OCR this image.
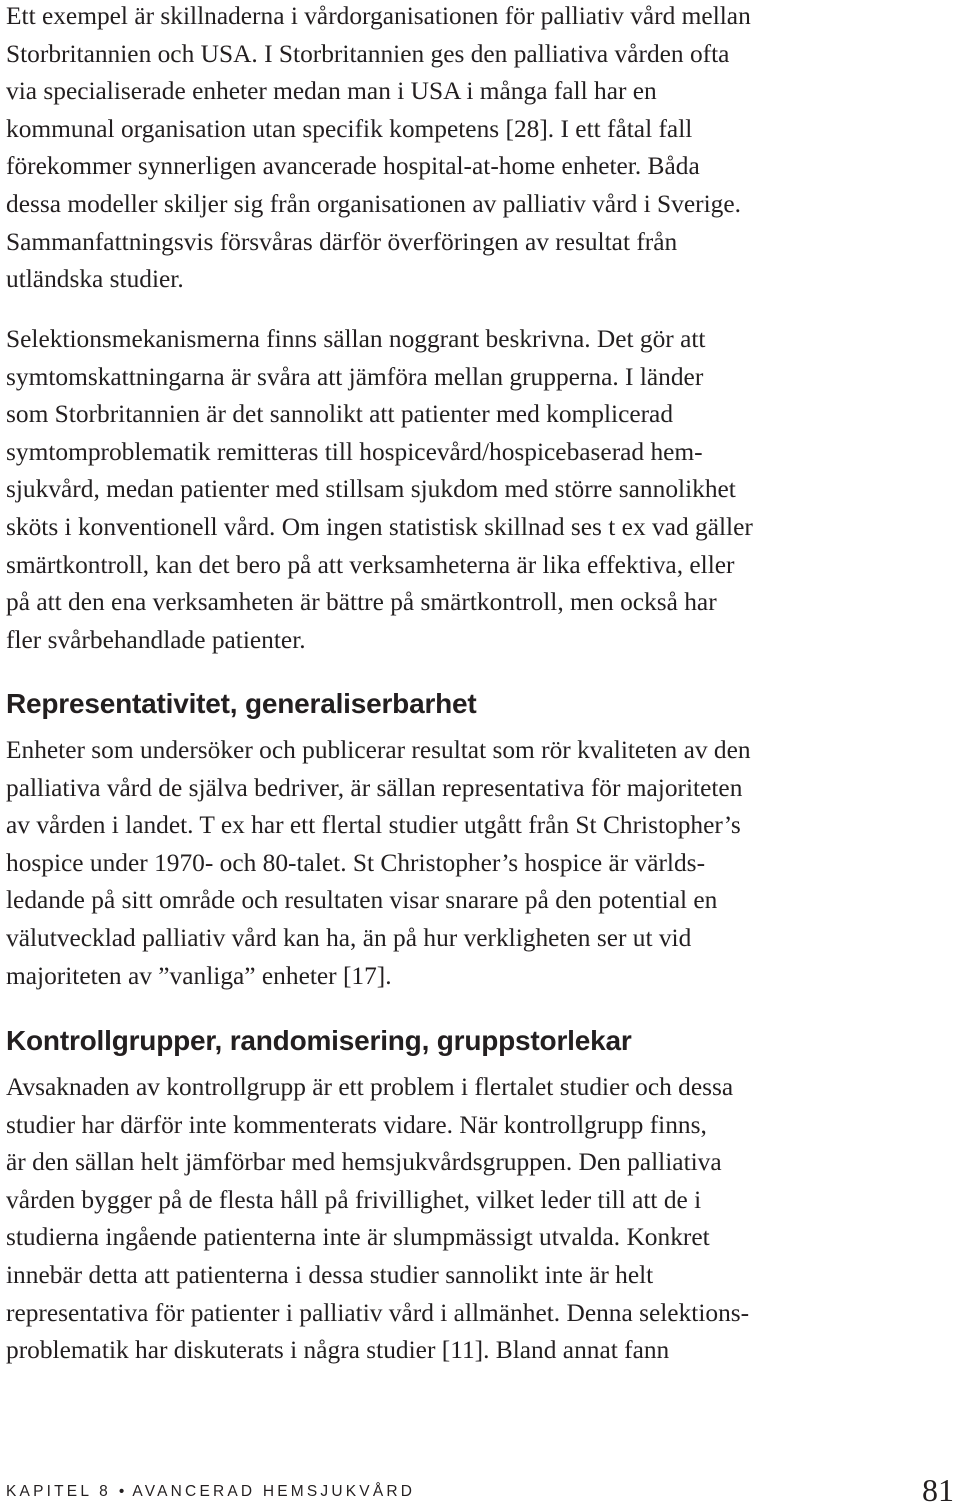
Ett exempel är skillnaderna i vårdorganisationen för palliativ vård mellan
Storbritannien och USA. I Storbritannien ges den palliativa vården ofta
via specialiserade enheter medan man i USA i många fall har en
kommunal organisation utan specifik kompetens [28]. I ett fåtal fall
förekommer synnerligen avancerade hospital-at-home enheter. Båda
dessa modeller skiljer sig från organisationen av palliativ vård i Sverige.
Sammanfattningsvis försvåras därför överföringen av resultat från
utländska studier.

Selektionsmekanismerna finns sällan noggrant beskrivna. Det gör att
symtomskattningarna är svåra att jämföra mellan grupperna. I länder
som Storbritannien är det sannolikt att patienter med komplicerad
symtomproblematik remitteras till hospicevård/hospicebaserad hem-
sjukvård, medan patienter med stillsam sjukdom med större sannolikhet
sköts i konventionell vård. Om ingen statistisk skillnad ses t ex vad gäller
smärtkontroll, kan det bero på att verksamheterna är lika effektiva, eller
på att den ena verksamheten är bättre på smärtkontroll, men också har
fler svårbehandlade patienter.

Representativitet, generaliserbarhet

Enheter som undersöker och publicerar resultat som rör kvaliteten av den
palliativa vård de själva bedriver, är sällan representativa för majoriteten
av vården i landet. T ex har ett flertal studier utgått från St Christopher’s
hospice under 1970- och 80-talet. St Christopher’s hospice är världs-
ledande på sitt område och resultaten visar snarare på den potential en
välutvecklad palliativ vård kan ha, än på hur verkligheten ser ut vid
majoriteten av ”vanliga” enheter [17].

Kontrollgrupper, randomisering, gruppstorlekar

Avsaknaden av kontrollgrupp är ett problem i flertalet studier och dessa
studier har därför inte kommenterats vidare. När kontrollgrupp finns,
är den sällan helt jämförbar med hemsjukvårdsgruppen. Den palliativa
vården bygger på de flesta håll på frivillighet, vilket leder till att de i
studierna ingående patienterna inte är slumpmässigt utvalda. Konkret
innebär detta att patienterna i dessa studier sannolikt inte är helt
representativa för patienter i palliativ vård i allmänhet. Denna selektions-
problematik har diskuterats i några studier [11]. Bland annat fann

KAPITEL 8 • AVANCERAD HEMSJUKVÅRD	81
